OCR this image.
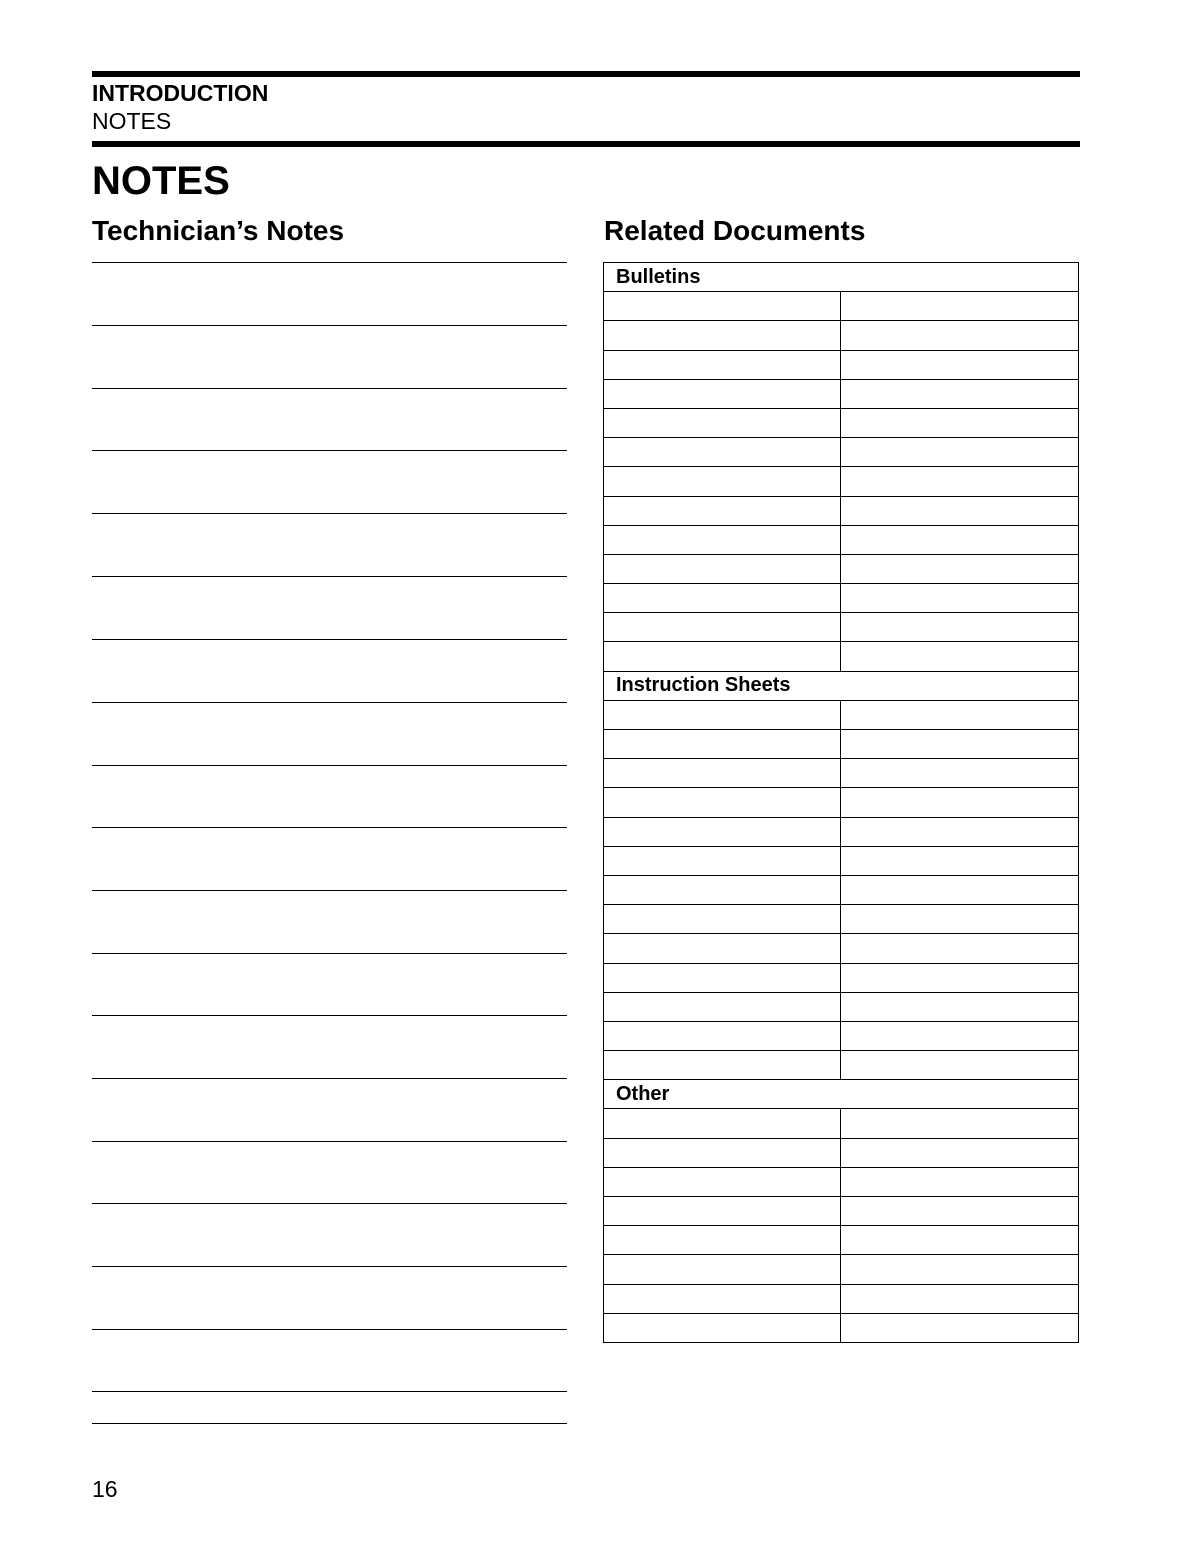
INTRODUCTION
NOTES
NOTES
Technician’s Notes	Related Documents
Bulletins	

Instruction Sheets	

Other	

16
